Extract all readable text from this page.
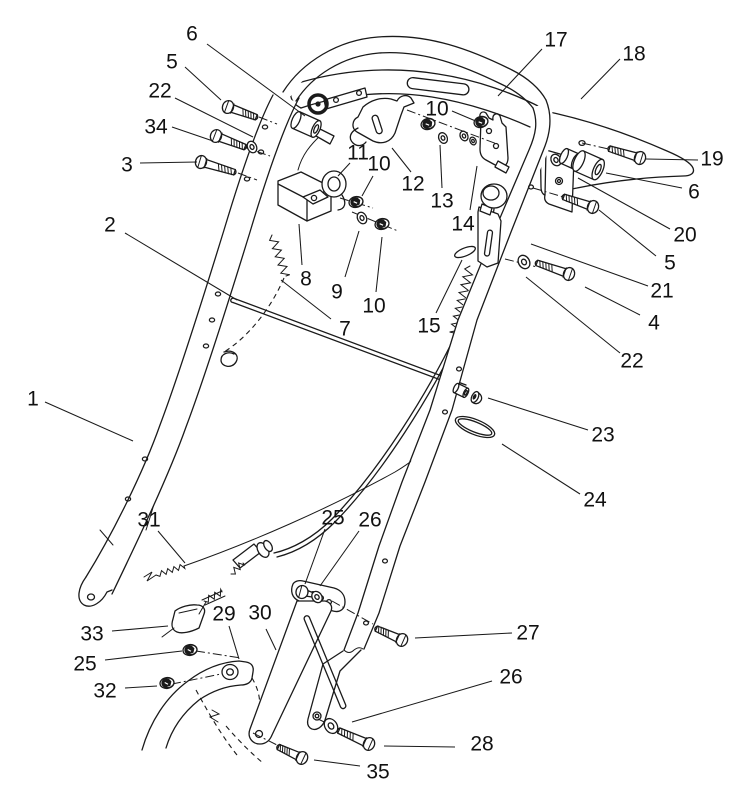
6
5
22
34
3
2
1
17
18
10
11
10
12
13
14
8
9
10
7	15
19
6
20
5
21
4
22
23
24
31	25 26
33
25
29 30
32
27
26
28
35
